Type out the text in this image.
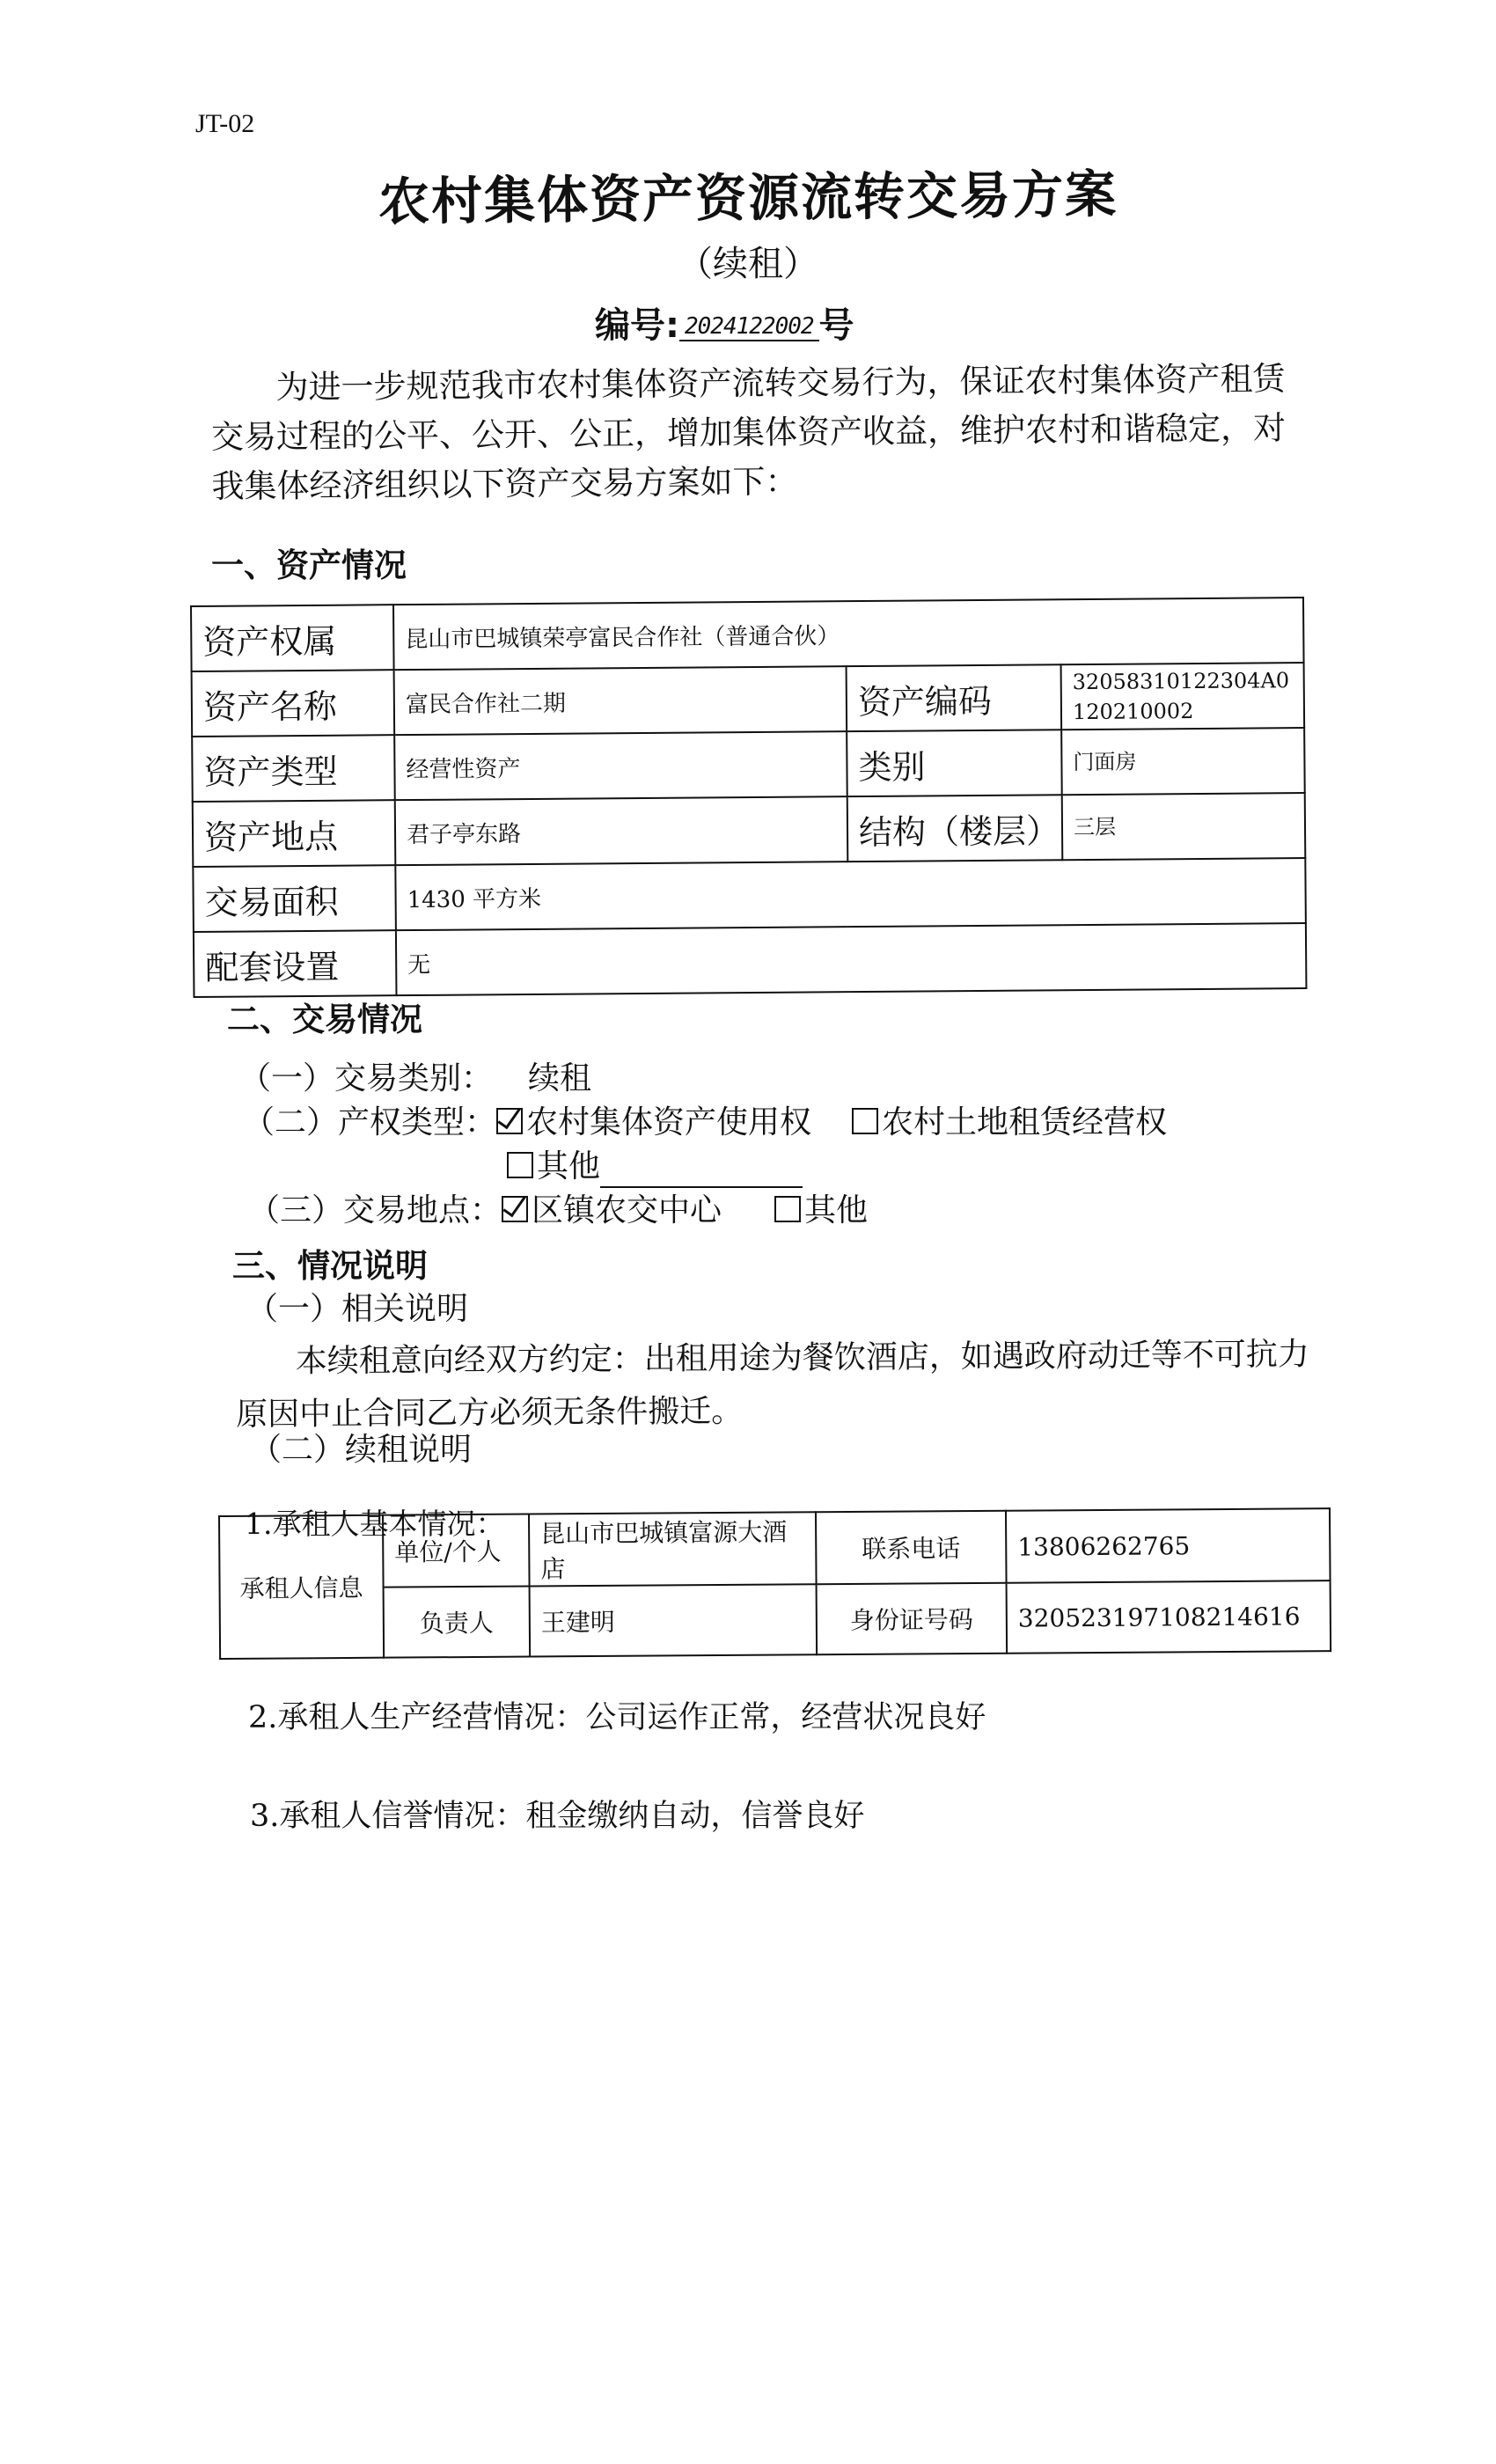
JT-02
农村集体资产资源流转交易方案
（续租）
编号: 2024122002 号
为进一步规范我市农村集体资产流转交易行为，保证农村集体资产租赁交易过程的公平、公开、公正，增加集体资产收益，维护农村和谐稳定，对我集体经济组织以下资产交易方案如下：
一、资产情况
资产权属	昆山市巴城镇荣亭富民合作社（普通合伙）		
资产名称	富民合作社二期	资产编码	32058310122304A0120210002
资产类型	经营性资产	类别	门面房
资产地点	君子亭东路	结构（楼层）	三层
交易面积	1430 平方米		
配套设置	无		
二、交易情况
（一）交易类别： 续租
（二）产权类型： 农村集体资产使用权 农村土地租赁经营权
其他
（三）交易地点： 区镇农交中心	其他
三、情况说明
（一）相关说明
本续租意向经双方约定：出租用途为餐饮酒店，如遇政府动迁等不可抗力原因中止合同乙方必须无条件搬迁。
（二）续租说明
1.承租人基本情况：
承租人信息	单位/个人	昆山市巴城镇富源大酒店	联系电话	13806262765
	负责人	王建明	身份证号码	320523197108214616
2.承租人生产经营情况：公司运作正常，经营状况良好
3.承租人信誉情况：租金缴纳自动，信誉良好
